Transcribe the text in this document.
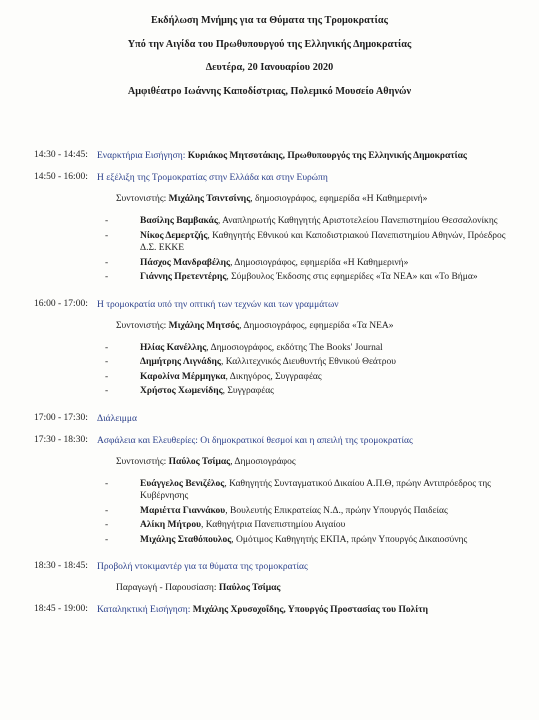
Εκδήλωση Μνήμης για τα Θύματα της Τρομοκρατίας
Υπό την Αιγίδα του Πρωθυπουργού της Ελληνικής Δημοκρατίας
Δευτέρα, 20 Ιανουαρίου 2020
Αμφιθέατρο Ιωάννης Καποδίστριας, Πολεμικό Μουσείο Αθηνών
14:30 - 14:45: Εναρκτήρια Εισήγηση: Κυριάκος Μητσοτάκης, Πρωθυπουργός της Ελληνικής Δημοκρατίας
14:50 - 16:00: Η εξέλιξη της Τρομοκρατίας στην Ελλάδα και στην Ευρώπη
Συντονιστής: Μιχάλης Τσιντσίνης, δημοσιογράφος, εφημερίδα «Η Καθημερινή»
-	Βασίλης Βαμβακάς, Αναπληρωτής Καθηγητής Αριστοτελείου Πανεπιστημίου Θεσσαλονίκης
-	Νίκος Δεμερτζής, Καθηγητής Εθνικού και Καποδιστριακού Πανεπιστημίου Αθηνών, Πρόεδρος Δ.Σ. ΕΚΚΕ
-	Πάσχος Μανδραβέλης, Δημοσιογράφος, εφημερίδα «Η Καθημερινή»
-	Γιάννης Πρετεντέρης, Σύμβουλος Έκδοσης στις εφημερίδες «Τα ΝΕΑ» και «Το Βήμα»
16:00 - 17:00: Η τρομοκρατία υπό την οπτική των τεχνών και των γραμμάτων
Συντονιστής: Μιχάλης Μητσός, Δημοσιογράφος, εφημερίδα «Τα ΝΕΑ»
-	Ηλίας Κανέλλης, Δημοσιογράφος, εκδότης The Books' Journal
-	Δημήτρης Λιγνάδης, Καλλιτεχνικός Διευθυντής Εθνικού Θεάτρου
-	Καρολίνα Μέρμηγκα, Δικηγόρος, Συγγραφέας
-	Χρήστος Χωμενίδης, Συγγραφέας
17:00 - 17:30: Διάλειμμα
17:30 - 18:30: Ασφάλεια και Ελευθερίες: Οι δημοκρατικοί θεσμοί και η απειλή της τρομοκρατίας
Συντονιστής: Παύλος Τσίμας, Δημοσιογράφος
-	Ευάγγελος Βενιζέλος, Καθηγητής Συνταγματικού Δικαίου Α.Π.Θ, πρώην Αντιπρόεδρος της Κυβέρνησης
-	Μαριέττα Γιαννάκου, Βουλευτής Επικρατείας Ν.Δ., πρώην Υπουργός Παιδείας
-	Αλίκη Μήτρου, Καθηγήτρια Πανεπιστημίου Αιγαίου
-	Μιχάλης Σταθόπουλος, Ομότιμος Καθηγητής ΕΚΠΑ, πρώην Υπουργός Δικαιοσύνης
18:30 - 18:45: Προβολή ντοκιμαντέρ για τα θύματα της τρομοκρατίας
Παραγωγή - Παρουσίαση: Παύλος Τσίμας
18:45 - 19:00: Καταληκτική Εισήγηση: Μιχάλης Χρυσοχοΐδης, Υπουργός Προστασίας του Πολίτη
